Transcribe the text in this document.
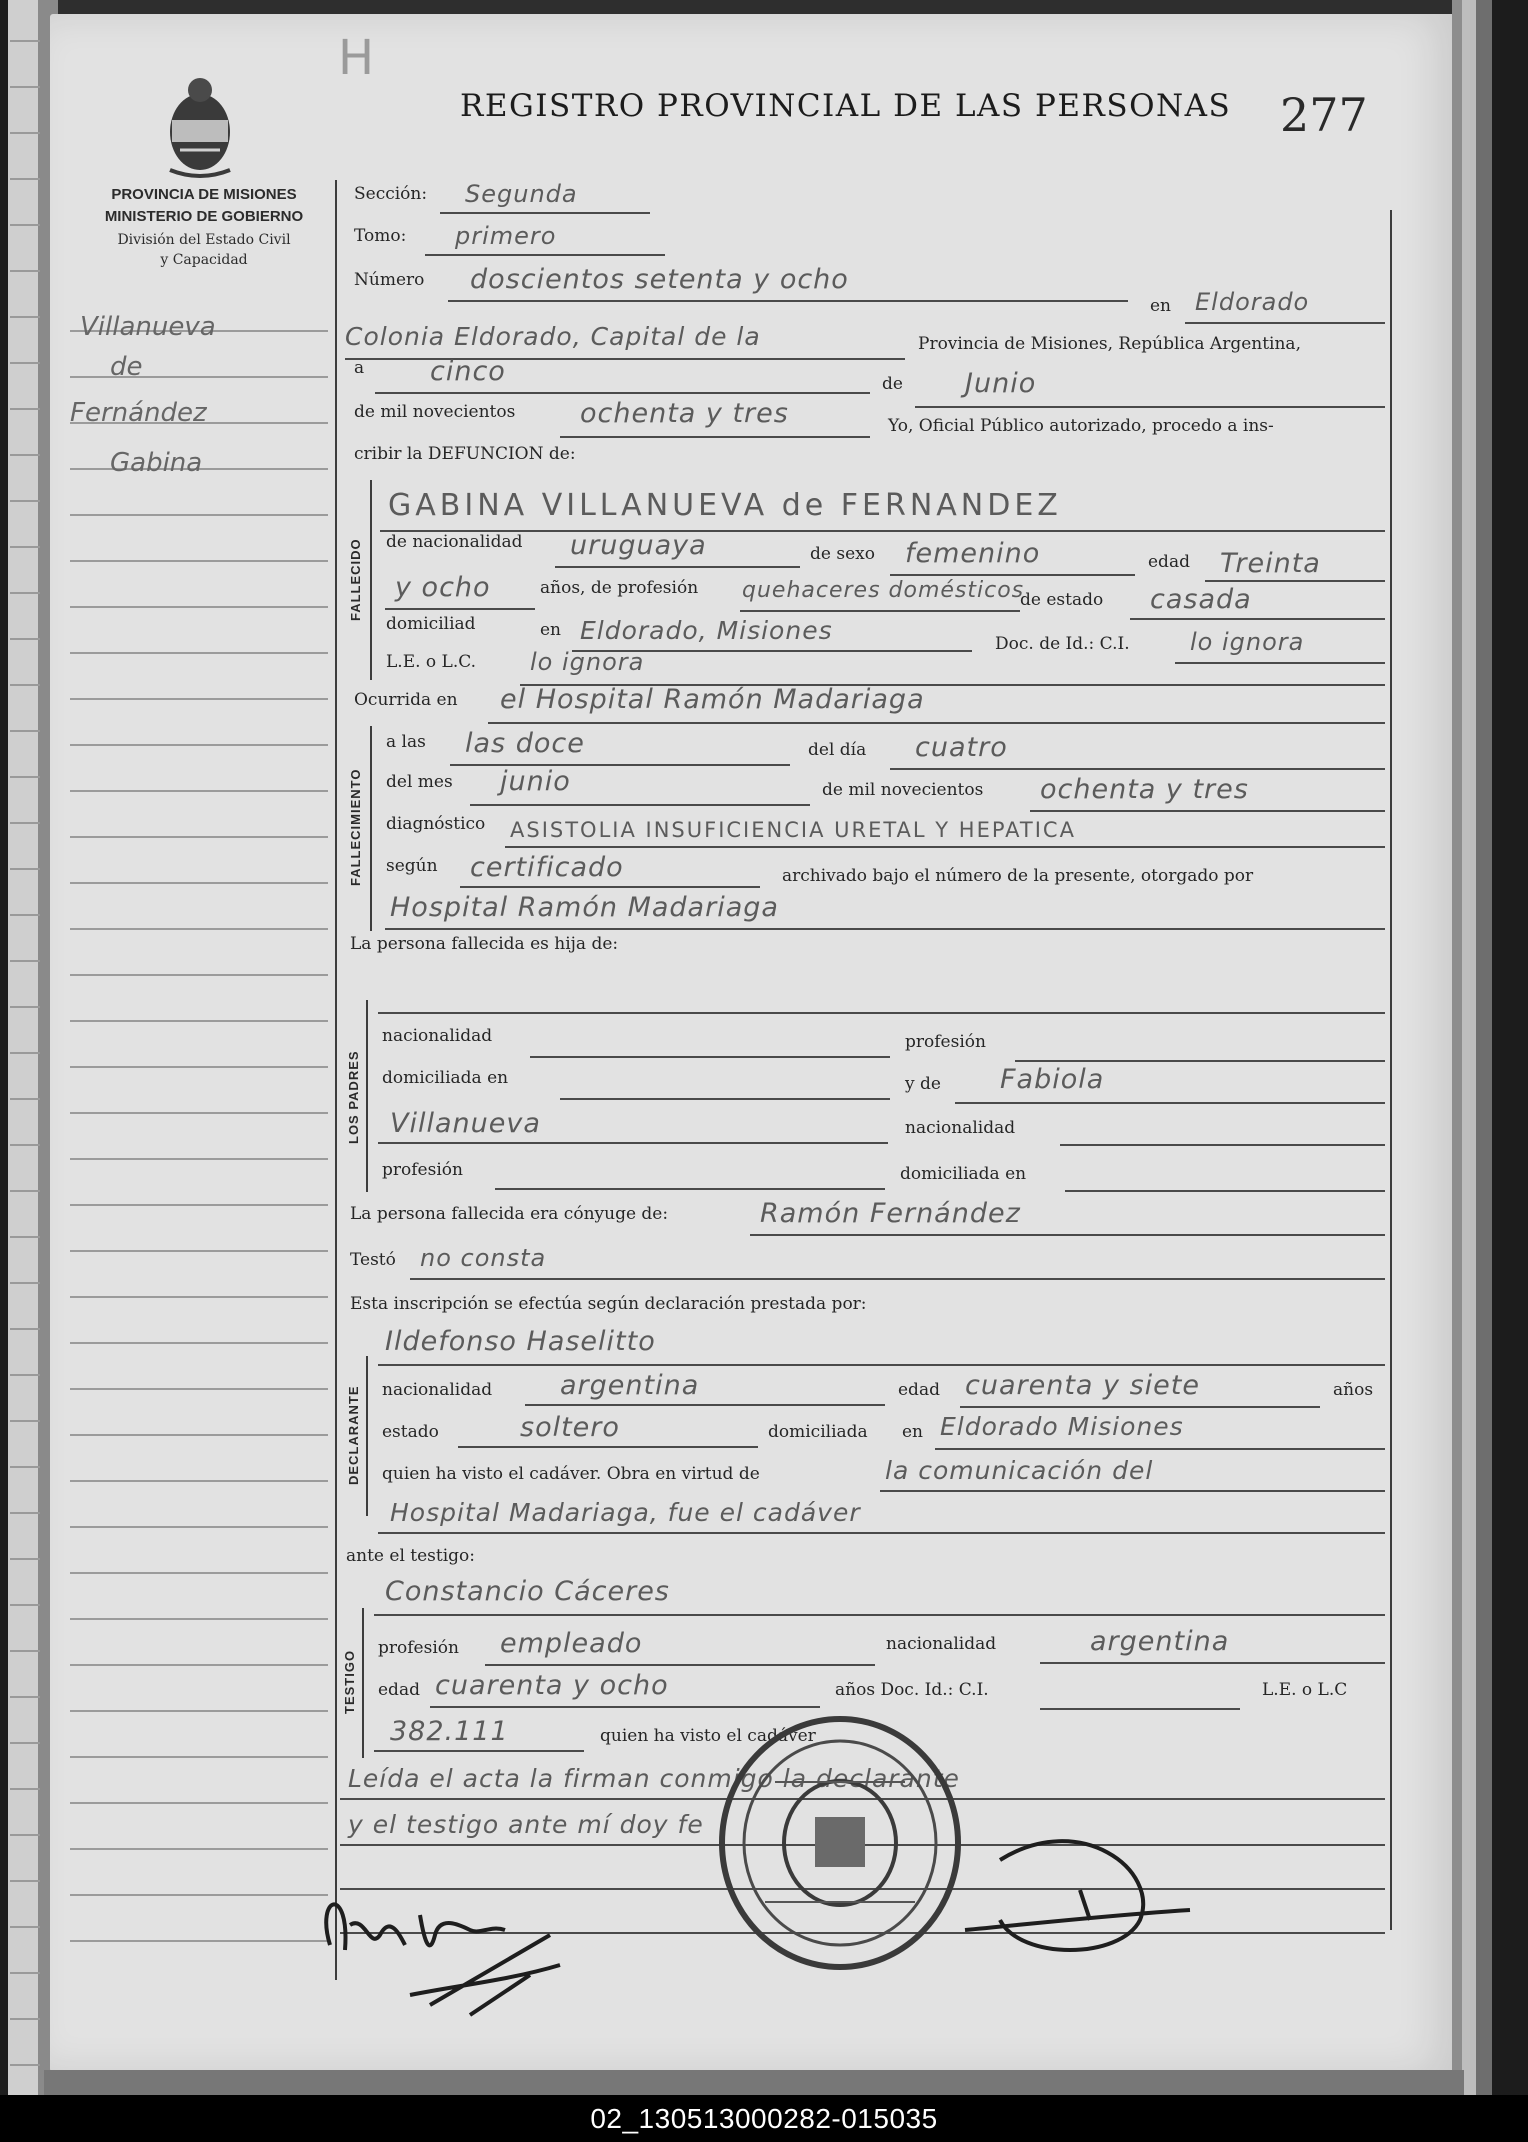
H
PROVINCIA DE MISIONES
MINISTERIO DE GOBIERNO
División del Estado Civil
y Capacidad
REGISTRO PROVINCIAL DE LAS PERSONAS 277
Villanueva
de
Fernández
Gabina
Sección: Segunda
Tomo: primero
Número doscientos setenta y ocho
en Eldorado
Colonia Eldorado, Capital de la	Provincia de Misiones, República Argentina,
a cinco	de Junio
de mil novecientos ochenta y tres	Yo, Oficial Público autorizado, procedo a ins-
cribir la DEFUNCION de:
FALLECIDO
GABINA VILLANUEVA de FERNANDEZ
de nacionalidad uruguaya	de sexo femenino	edad Treinta
y ocho	años, de profesión quehaceres domésticos
de estado casada
domiciliad	en Eldorado, Misiones	Doc. de Id.: C.I.	lo ignora
L.E. o L.C. lo ignora
Ocurrida en el Hospital Ramón Madariaga
FALLECIMIENTO
a las las doce	del día cuatro
del mes junio	de mil novecientos ochenta y tres
diagnóstico ASISTOLIA INSUFICIENCIA URETAL Y HEPATICA
según certificado	archivado bajo el número de la presente, otorgado por
Hospital Ramón Madariaga
La persona fallecida es hija de:
LOS PADRES
nacionalidad	profesión
domiciliada en	y de Fabiola
Villanueva	nacionalidad
profesión	domiciliada en
La persona fallecida era cónyuge de:	Ramón Fernández
Testó no consta
Esta inscripción se efectúa según declaración prestada por:
DECLARANTE
Ildefonso Haselitto
nacionalidad	argentina	edad cuarenta y siete	años
estado	soltero	domiciliada en Eldorado Misiones
quien ha visto el cadáver. Obra en virtud de	la comunicación del
Hospital Madariaga, fue el cadáver
ante el testigo:
TESTIGO
Constancio Cáceres
profesión empleado	nacionalidad	argentina
edad cuarenta y ocho	años Doc. Id.: C.I.	L.E. o L.C
382.111	quien ha visto el cadáver
Leída el acta la firman conmigo la declarante
y el testigo ante mí doy fe
02_130513000282-015035
